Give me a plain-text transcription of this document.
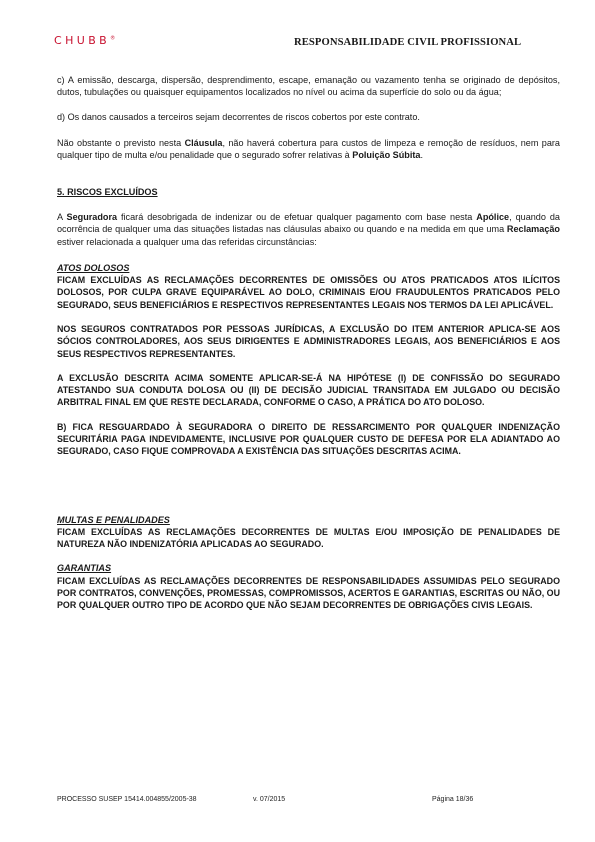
CHUBB®	RESPONSABILIDADE CIVIL PROFISSIONAL

c) A emissão, descarga, dispersão, desprendimento, escape, emanação ou vazamento tenha se originado de depósitos, dutos, tubulações ou quaisquer equipamentos localizados no nível ou acima da superfície do solo ou da água;

d) Os danos causados a terceiros sejam decorrentes de riscos cobertos por este contrato.

Não obstante o previsto nesta Cláusula, não haverá cobertura para custos de limpeza e remoção de resíduos, nem para qualquer tipo de multa e/ou penalidade que o segurado sofrer relativas à Poluição Súbita.

5. RISCOS EXCLUÍDOS

A Seguradora ficará desobrigada de indenizar ou de efetuar qualquer pagamento com base nesta Apólice, quando da ocorrência de qualquer uma das situações listadas nas cláusulas abaixo ou quando e na medida em que uma Reclamação estiver relacionada a qualquer uma das referidas circunstâncias:

ATOS DOLOSOS

FICAM EXCLUÍDAS AS RECLAMAÇÕES DECORRENTES DE OMISSÕES OU ATOS PRATICADOS ATOS ILÍCITOS DOLOSOS, POR CULPA GRAVE EQUIPARÁVEL AO DOLO, CRIMINAIS E/OU FRAUDULENTOS PRATICADOS PELO SEGURADO, SEUS BENEFICIÁRIOS E RESPECTIVOS REPRESENTANTES LEGAIS NOS TERMOS DA LEI APLICÁVEL.

NOS SEGUROS CONTRATADOS POR PESSOAS JURÍDICAS, A EXCLUSÃO DO ITEM ANTERIOR APLICA-SE AOS SÓCIOS CONTROLADORES, AOS SEUS DIRIGENTES E ADMINISTRADORES LEGAIS, AOS BENEFICIÁRIOS E AOS SEUS RESPECTIVOS REPRESENTANTES.

A EXCLUSÃO DESCRITA ACIMA SOMENTE APLICAR-SE-Á NA HIPÓTESE (I) DE CONFISSÃO DO SEGURADO ATESTANDO SUA CONDUTA DOLOSA OU (II) DE DECISÃO JUDICIAL TRANSITADA EM JULGADO OU DECISÃO ARBITRAL FINAL EM QUE RESTE DECLARADA, CONFORME O CASO, A PRÁTICA DO ATO DOLOSO.

B) FICA RESGUARDADO À SEGURADORA O DIREITO DE RESSARCIMENTO POR QUALQUER INDENIZAÇÃO SECURITÁRIA PAGA INDEVIDAMENTE, INCLUSIVE POR QUALQUER CUSTO DE DEFESA POR ELA ADIANTADO AO SEGURADO, CASO FIQUE COMPROVADA A EXISTÊNCIA DAS SITUAÇÕES DESCRITAS ACIMA.

MULTAS E PENALIDADES

FICAM EXCLUÍDAS AS RECLAMAÇÕES DECORRENTES DE MULTAS E/OU IMPOSIÇÃO DE PENALIDADES DE NATUREZA NÃO INDENIZATÓRIA APLICADAS AO SEGURADO.

GARANTIAS

FICAM EXCLUÍDAS AS RECLAMAÇÕES DECORRENTES DE RESPONSABILIDADES ASSUMIDAS PELO SEGURADO POR CONTRATOS, CONVENÇÕES, PROMESSAS, COMPROMISSOS, ACERTOS E GARANTIAS, ESCRITAS OU NÃO, OU POR QUALQUER OUTRO TIPO DE ACORDO QUE NÃO SEJAM DECORRENTES DE OBRIGAÇÕES CIVIS LEGAIS.

PROCESSO SUSEP 15414.004855/2005-38	v. 07/2015	Página 18/36
